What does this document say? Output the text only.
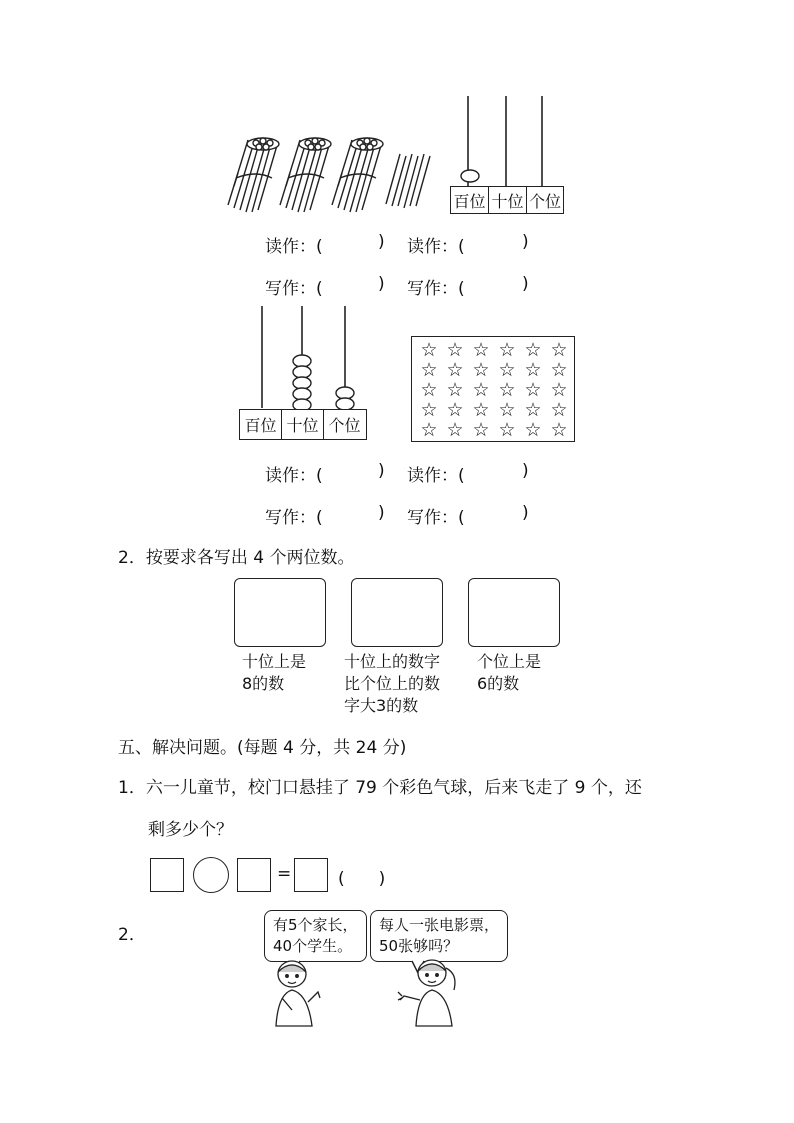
百位 十位 个位
读作：(	) 读作：(	)
写作：(	) 写作：(	)
百位 十位 个位
☆ ☆ ☆ ☆ ☆ ☆
☆ ☆ ☆ ☆ ☆ ☆
☆ ☆ ☆ ☆ ☆ ☆
☆ ☆ ☆ ☆ ☆ ☆
☆ ☆ ☆ ☆ ☆ ☆
读作：(	) 读作：(	)
写作：(	) 写作：(	)
2．按要求各写出 4 个两位数。
十位上是
8的数
十位上的数字
比个位上的数
字大3的数
个位上是
6的数
五、解决问题。(每题 4 分，共 24 分)
1．六一儿童节，校门口悬挂了 79 个彩色气球，后来飞走了 9 个，还
剩多少个？
=	(　　)
2．	有5个家长，
40个学生。
每人一张电影票，
50张够吗？
